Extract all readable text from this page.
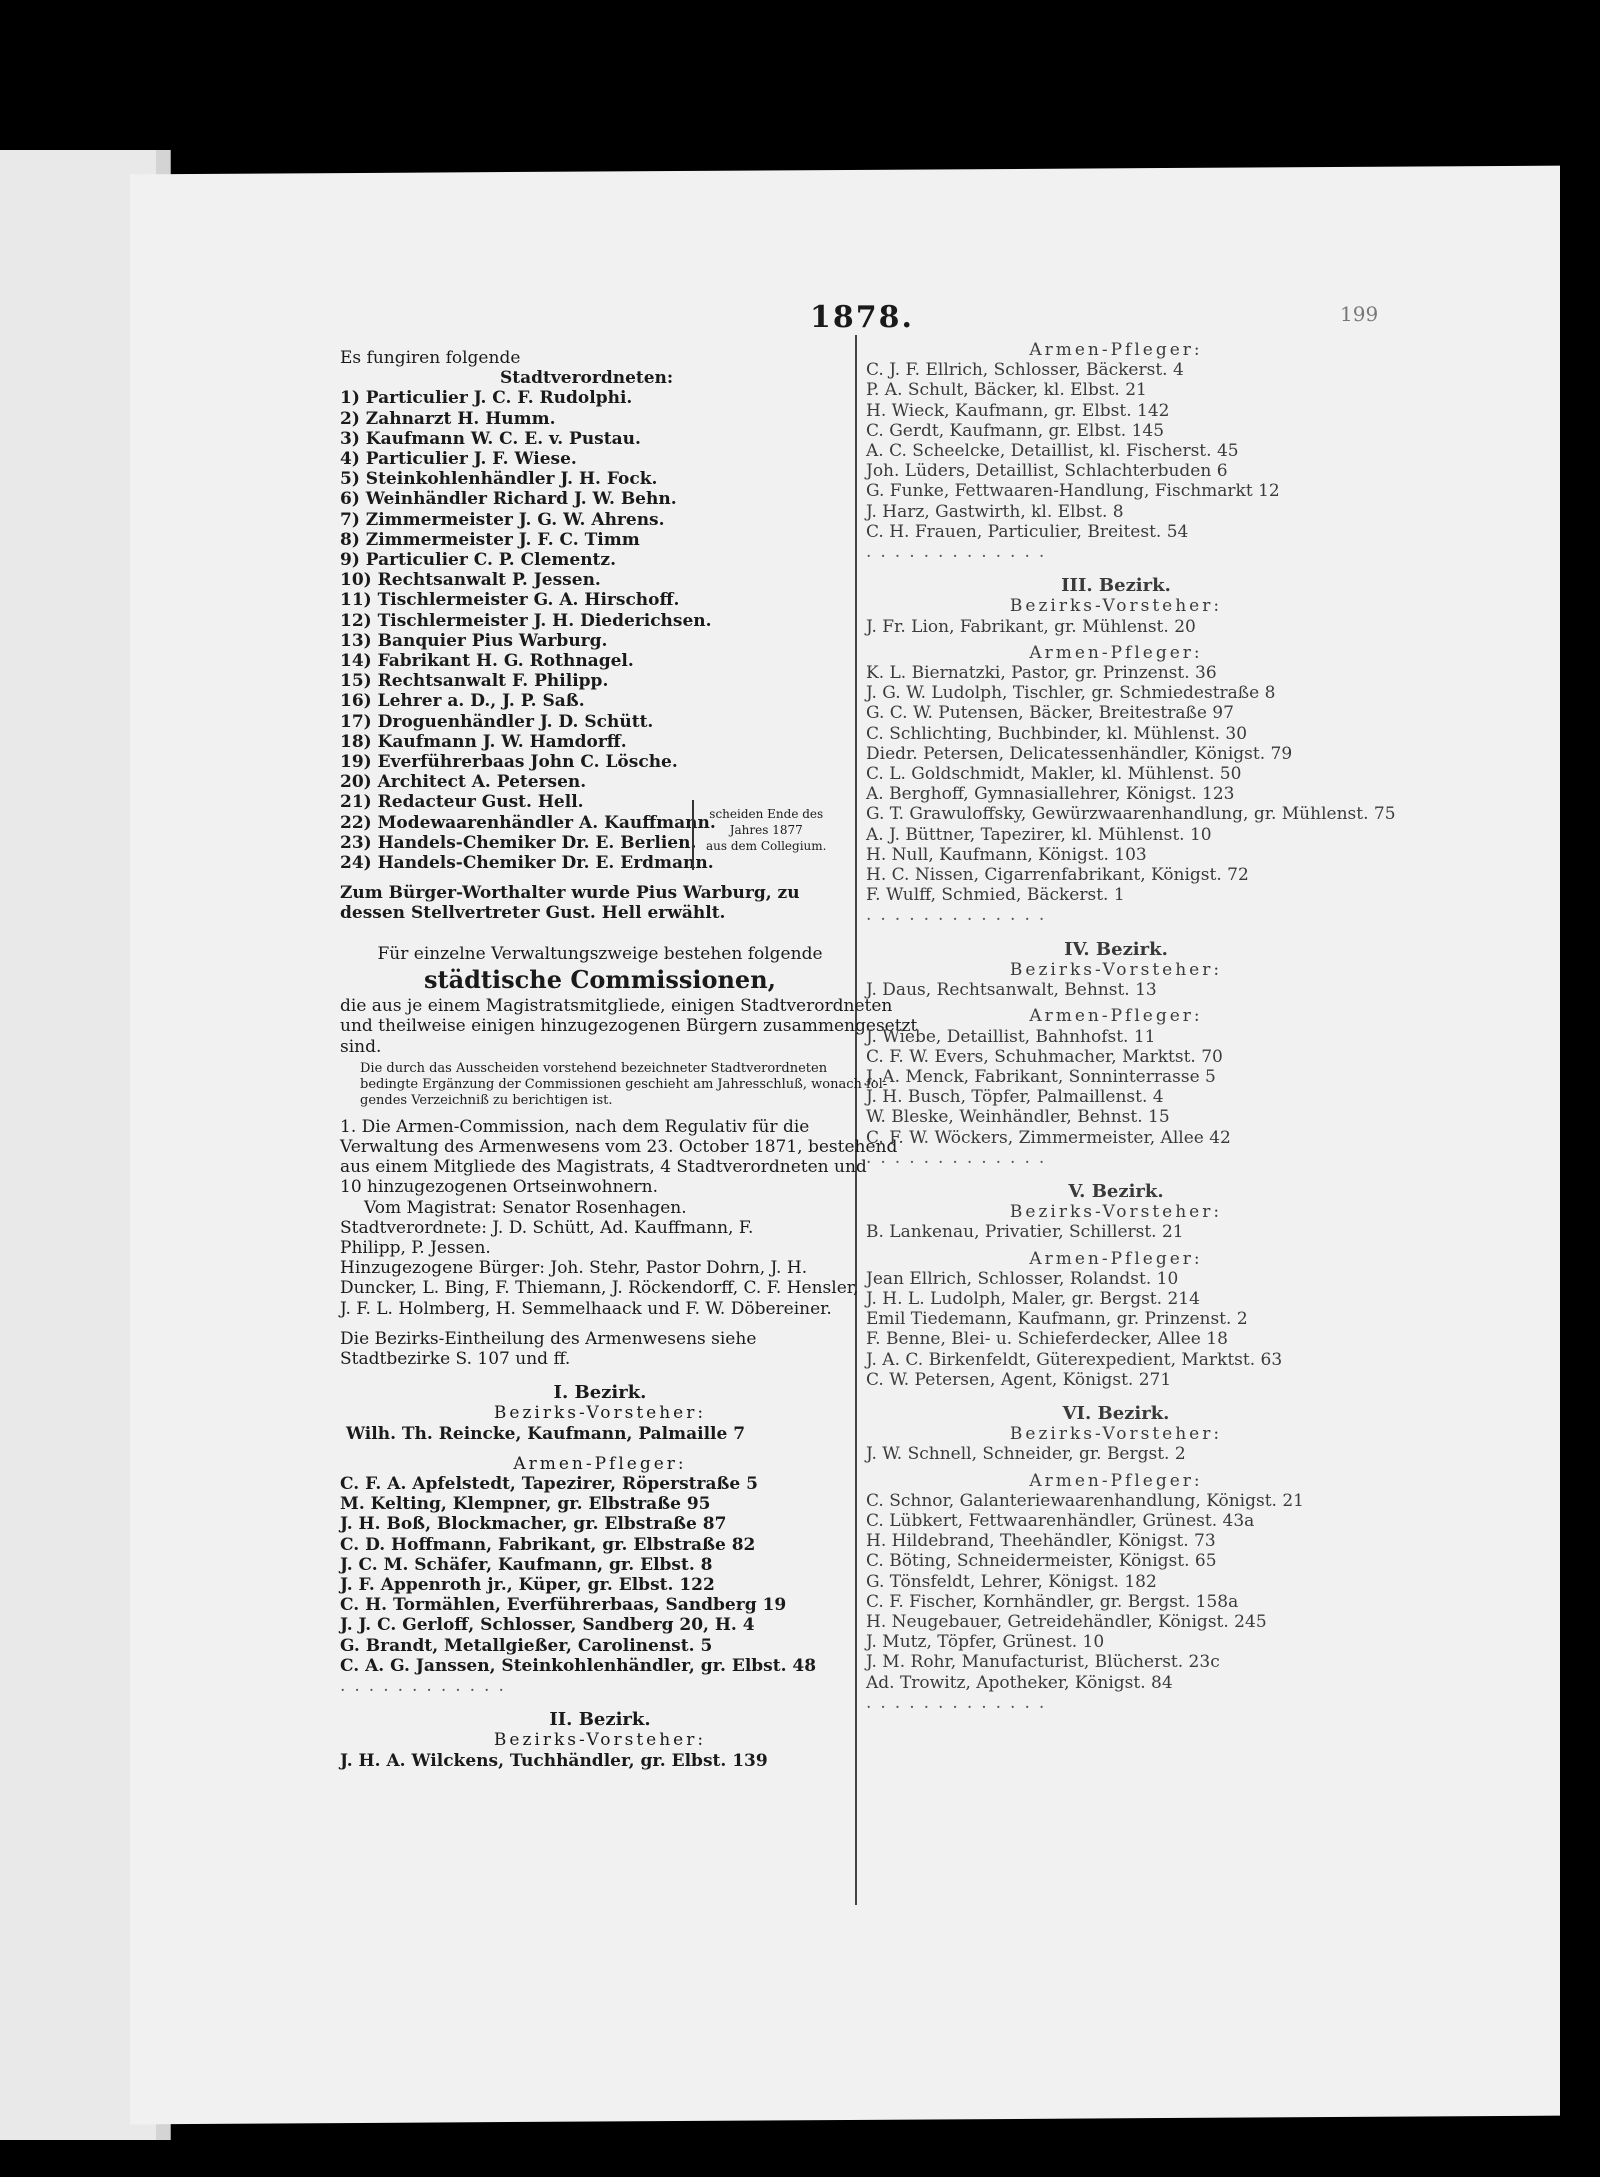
1878.	199
Es fungiren folgende
Stadtverordneten:
1) Particulier J. C. F. Rudolphi.
2) Zahnarzt H. Humm.
3) Kaufmann W. C. E. v. Pustau.
4) Particulier J. F. Wiese.
5) Steinkohlenhändler J. H. Fock.
6) Weinhändler Richard J. W. Behn.
7) Zimmermeister J. G. W. Ahrens.
8) Zimmermeister J. F. C. Timm
9) Particulier C. P. Clementz.
10) Rechtsanwalt P. Jessen.
11) Tischlermeister G. A. Hirschoff.
12) Tischlermeister J. H. Diederichsen.
13) Banquier Pius Warburg.
14) Fabrikant H. G. Rothnagel.
15) Rechtsanwalt F. Philipp.
16) Lehrer a. D., J. P. Saß.
17) Droguenhändler J. D. Schütt.
18) Kaufmann J. W. Hamdorff.
19) Everführerbaas John C. Lösche.
20) Architect A. Petersen.
21) Redacteur Gust. Hell.
22) Modewaarenhändler A. Kauffmann.
23) Handels-Chemiker Dr. E. Berlien.
24) Handels-Chemiker Dr. E. Erdmann.
Zum Bürger-Worthalter wurde Pius Warburg, zu
dessen Stellvertreter Gust. Hell erwählt.
Für einzelne Verwaltungszweige bestehen folgende
städtische Commissionen,
die aus je einem Magistratsmitgliede, einigen Stadtverordneten
und theilweise einigen hinzugezogenen Bürgern zusammengesetzt
sind.
Die durch das Ausscheiden vorstehend bezeichneter Stadtverordneten
bedingte Ergänzung der Commissionen geschieht am Jahresschluß, wonach fol-
gendes Verzeichniß zu berichtigen ist.
1. Die Armen-Commission, nach dem Regulativ für die
Verwaltung des Armenwesens vom 23. October 1871, bestehend
aus einem Mitgliede des Magistrats, 4 Stadtverordneten und
10 hinzugezogenen Ortseinwohnern.
Vom Magistrat: Senator Rosenhagen.
Stadtverordnete: J. D. Schütt, Ad. Kauffmann, F.
Philipp, P. Jessen.
Hinzugezogene Bürger: Joh. Stehr, Pastor Dohrn, J. H.
Duncker, L. Bing, F. Thiemann, J. Röckendorff, C. F. Hensler,
J. F. L. Holmberg, H. Semmelhaack und F. W. Döbereiner.
Die Bezirks-Eintheilung des Armenwesens siehe
Stadtbezirke S. 107 und ff.
I. Bezirk.
Bezirks-Vorsteher:
Wilh. Th. Reincke, Kaufmann, Palmaille 7
Armen-Pfleger:
C. F. A. Apfelstedt, Tapezirer, Röperstraße 5
M. Kelting, Klempner, gr. Elbstraße 95
J. H. Boß, Blockmacher, gr. Elbstraße 87
C. D. Hoffmann, Fabrikant, gr. Elbstraße 82
J. C. M. Schäfer, Kaufmann, gr. Elbst. 8
J. F. Appenroth jr., Küper, gr. Elbst. 122
C. H. Tormählen, Everführerbaas, Sandberg 19
J. J. C. Gerloff, Schlosser, Sandberg 20, H. 4
G. Brandt, Metallgießer, Carolinenst. 5
C. A. G. Janssen, Steinkohlenhändler, gr. Elbst. 48
............
II. Bezirk.
Bezirks-Vorsteher:
J. H. A. Wilckens, Tuchhändler, gr. Elbst. 139
scheiden Ende des
Jahres 1877
aus dem Collegium.
Armen-Pfleger:
C. J. F. Ellrich, Schlosser, Bäckerst. 4
P. A. Schult, Bäcker, kl. Elbst. 21
H. Wieck, Kaufmann, gr. Elbst. 142
C. Gerdt, Kaufmann, gr. Elbst. 145
A. C. Scheelcke, Detaillist, kl. Fischerst. 45
Joh. Lüders, Detaillist, Schlachterbuden 6
G. Funke, Fettwaaren-Handlung, Fischmarkt 12
J. Harz, Gastwirth, kl. Elbst. 8
C. H. Frauen, Particulier, Breitest. 54
.............
III. Bezirk.
Bezirks-Vorsteher:
J. Fr. Lion, Fabrikant, gr. Mühlenst. 20
Armen-Pfleger:
K. L. Biernatzki, Pastor, gr. Prinzenst. 36
J. G. W. Ludolph, Tischler, gr. Schmiedestraße 8
G. C. W. Putensen, Bäcker, Breitestraße 97
C. Schlichting, Buchbinder, kl. Mühlenst. 30
Diedr. Petersen, Delicatessenhändler, Königst. 79
C. L. Goldschmidt, Makler, kl. Mühlenst. 50
A. Berghoff, Gymnasiallehrer, Königst. 123
G. T. Grawuloffsky, Gewürzwaarenhandlung, gr. Mühlenst. 75
A. J. Büttner, Tapezirer, kl. Mühlenst. 10
H. Null, Kaufmann, Königst. 103
H. C. Nissen, Cigarrenfabrikant, Königst. 72
F. Wulff, Schmied, Bäckerst. 1
.............
IV. Bezirk.
Bezirks-Vorsteher:
J. Daus, Rechtsanwalt, Behnst. 13
Armen-Pfleger:
J. Wiebe, Detaillist, Bahnhofst. 11
C. F. W. Evers, Schuhmacher, Marktst. 70
J. A. Menck, Fabrikant, Sonninterrasse 5
J. H. Busch, Töpfer, Palmaillenst. 4
W. Bleske, Weinhändler, Behnst. 15
C. F. W. Wöckers, Zimmermeister, Allee 42
.............
V. Bezirk.
Bezirks-Vorsteher:
B. Lankenau, Privatier, Schillerst. 21
Armen-Pfleger:
Jean Ellrich, Schlosser, Rolandst. 10
J. H. L. Ludolph, Maler, gr. Bergst. 214
Emil Tiedemann, Kaufmann, gr. Prinzenst. 2
F. Benne, Blei- u. Schieferdecker, Allee 18
J. A. C. Birkenfeldt, Güterexpedient, Marktst. 63
C. W. Petersen, Agent, Königst. 271
VI. Bezirk.
Bezirks-Vorsteher:
J. W. Schnell, Schneider, gr. Bergst. 2
Armen-Pfleger:
C. Schnor, Galanteriewaarenhandlung, Königst. 21
C. Lübkert, Fettwaarenhändler, Grünest. 43a
H. Hildebrand, Theehändler, Königst. 73
C. Böting, Schneidermeister, Königst. 65
G. Tönsfeldt, Lehrer, Königst. 182
C. F. Fischer, Kornhändler, gr. Bergst. 158a
H. Neugebauer, Getreidehändler, Königst. 245
J. Mutz, Töpfer, Grünest. 10
J. M. Rohr, Manufacturist, Blücherst. 23c
Ad. Trowitz, Apotheker, Königst. 84
.............
